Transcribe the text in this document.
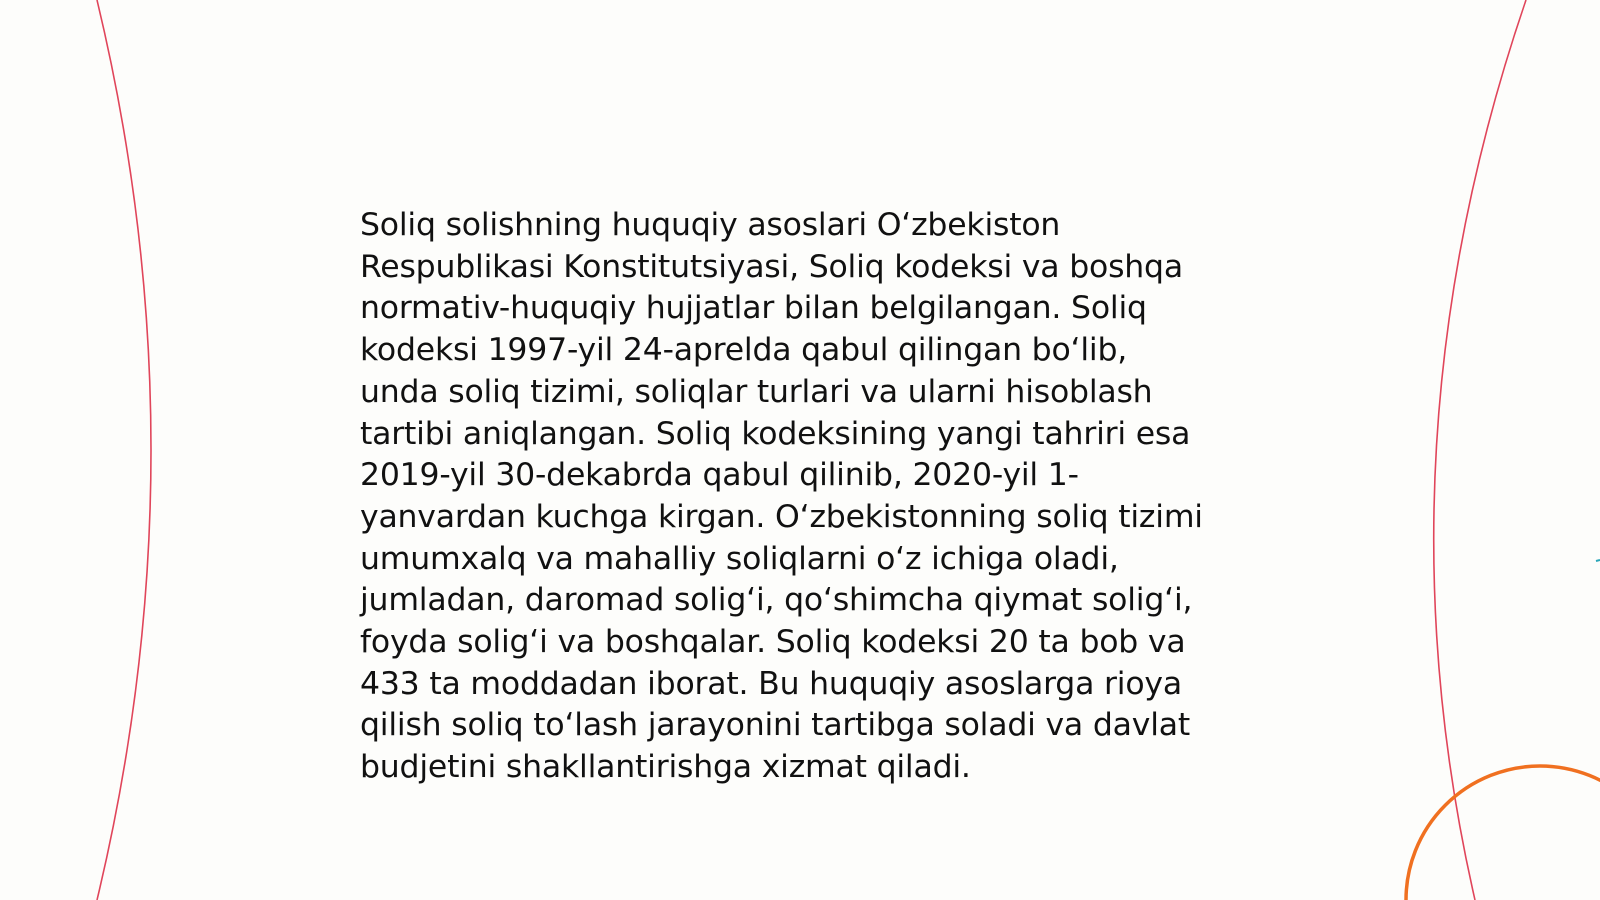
Soliq solishning huquqiy asoslari O‘zbekiston
Respublikasi Konstitutsiyasi, Soliq kodeksi va boshqa
normativ-huquqiy hujjatlar bilan belgilangan. Soliq
kodeksi 1997-yil 24-aprelda qabul qilingan bo‘lib,
unda soliq tizimi, soliqlar turlari va ularni hisoblash
tartibi aniqlangan. Soliq kodeksining yangi tahriri esa
2019-yil 30-dekabrda qabul qilinib, 2020-yil 1-
yanvardan kuchga kirgan. O‘zbekistonning soliq tizimi
umumxalq va mahalliy soliqlarni o‘z ichiga oladi,
jumladan, daromad solig‘i, qo‘shimcha qiymat solig‘i,
foyda solig‘i va boshqalar. Soliq kodeksi 20 ta bob va
433 ta moddadan iborat. Bu huquqiy asoslarga rioya
qilish soliq to‘lash jarayonini tartibga soladi va davlat
budjetini shakllantirishga xizmat qiladi.
